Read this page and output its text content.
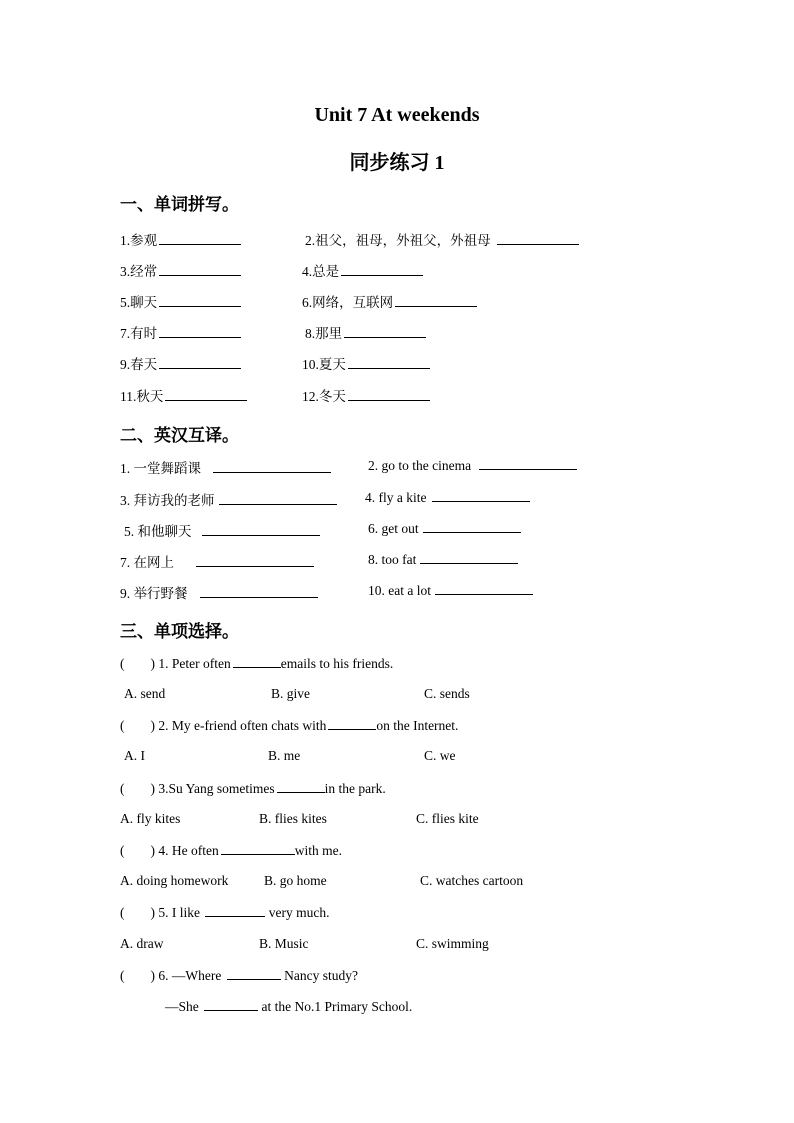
Unit 7 At weekends
同步练习 1
一、单词拼写。
1.参观	2.祖父，祖母，外祖父，外祖母
3.经常	4.总是
5.聊天	6.网络，互联网
7.有时	8.那里
9.春天	10.夏天
11.秋天	12.冬天
二、英汉互译。
1. 一堂舞蹈课	2. go to the cinema
3. 拜访我的老师	4. fly a kite
5. 和他聊天	6. get out
7. 在网上	8. too fat
9. 举行野餐	10. eat a lot
三、单项选择。
( ) 1. Peter often	emails to his friends.
A. send	B. give	C. sends
( ) 2. My e-friend often chats with	on the Internet.
A. I	B. me	C. we
( ) 3.Su Yang sometimes	in the park.
A. fly kites	B. flies kites	C. flies kite
( ) 4. He often	with me.
A. doing homework	B. go home	C. watches cartoon
( ) 5. I like	very much.
A. draw	B. Music	C. swimming
( ) 6. —Where	Nancy study?
—She	at the No.1 Primary School.
